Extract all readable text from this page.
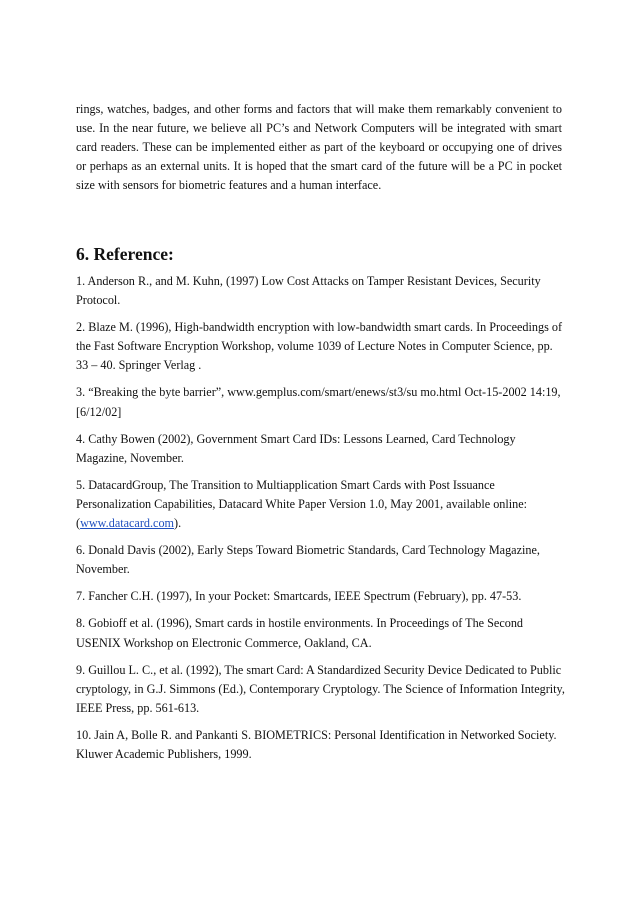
rings, watches, badges, and other forms and factors that will make them remarkably convenient to use. In the near future, we believe all PC’s and Network Computers will be integrated with smart card readers. These can be implemented either as part of the keyboard or occupying one of drives or perhaps as an external units. It is hoped that the smart card of the future will be a PC in pocket size with sensors for biometric features and a human interface.

6. Reference:

1. Anderson R., and M. Kuhn, (1997) Low Cost Attacks on Tamper Resistant Devices, Security Protocol.

2. Blaze M. (1996), High-bandwidth encryption with low-bandwidth smart cards. In Proceedings of the Fast Software Encryption Workshop, volume 1039 of Lecture Notes in Computer Science, pp. 33 – 40. Springer Verlag .

3. “Breaking the byte barrier”, www.gemplus.com/smart/enews/st3/su mo.html Oct-15-2002 14:19, [6/12/02]

4. Cathy Bowen (2002), Government Smart Card IDs: Lessons Learned, Card Technology Magazine, November.

5. DatacardGroup, The Transition to Multiapplication Smart Cards with Post Issuance Personalization Capabilities, Datacard White Paper Version 1.0, May 2001, available online: (www.datacard.com).

6. Donald Davis (2002), Early Steps Toward Biometric Standards, Card Technology Magazine, November.

7. Fancher C.H. (1997), In your Pocket: Smartcards, IEEE Spectrum (February), pp. 47-53.

8. Gobioff et al. (1996), Smart cards in hostile environments. In Proceedings of The Second USENIX Workshop on Electronic Commerce, Oakland, CA.

9. Guillou L. C., et al. (1992), The smart Card: A Standardized Security Device Dedicated to Public cryptology, in G.J. Simmons (Ed.), Contemporary Cryptology. The Science of Information Integrity, IEEE Press, pp. 561-613.

10. Jain A, Bolle R. and Pankanti S. BIOMETRICS: Personal Identification in Networked Society. Kluwer Academic Publishers, 1999.
